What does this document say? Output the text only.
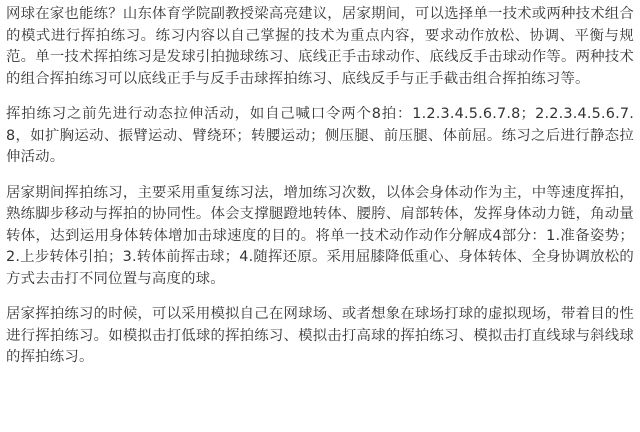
网球在家也能练？山东体育学院副教授梁高亮建议，居家期间，可以选择单一技术或两种技术组合的模式进行挥拍练习。练习内容以自己掌握的技术为重点内容，要求动作放松、协调、平衡与规范。单一技术挥拍练习是发球引拍抛球练习、底线正手击球动作、底线反手击球动作等。两种技术的组合挥拍练习可以底线正手与反手击球挥拍练习、底线反手与正手截击组合挥拍练习等。

挥拍练习之前先进行动态拉伸活动，如自己喊口令两个8拍：1.2.3.4.5.6.7.8；2.2.3.4.5.6.7.8，如扩胸运动、振臂运动、臂绕环；转腰运动；侧压腿、前压腿、体前屈。练习之后进行静态拉伸活动。

居家期间挥拍练习，主要采用重复练习法，增加练习次数，以体会身体动作为主，中等速度挥拍，熟练脚步移动与挥拍的协同性。体会支撑腿蹬地转体、腰胯、肩部转体，发挥身体动力链，角动量转体，达到运用身体转体增加击球速度的目的。将单一技术动作动作分解成4部分：1.准备姿势；2.上步转体引拍；3.转体前挥击球；4.随挥还原。采用屈膝降低重心、身体转体、全身协调放松的方式去击打不同位置与高度的球。

居家挥拍练习的时候，可以采用模拟自己在网球场、或者想象在球场打球的虚拟现场，带着目的性进行挥拍练习。如模拟击打低球的挥拍练习、模拟击打高球的挥拍练习、模拟击打直线球与斜线球的挥拍练习。
